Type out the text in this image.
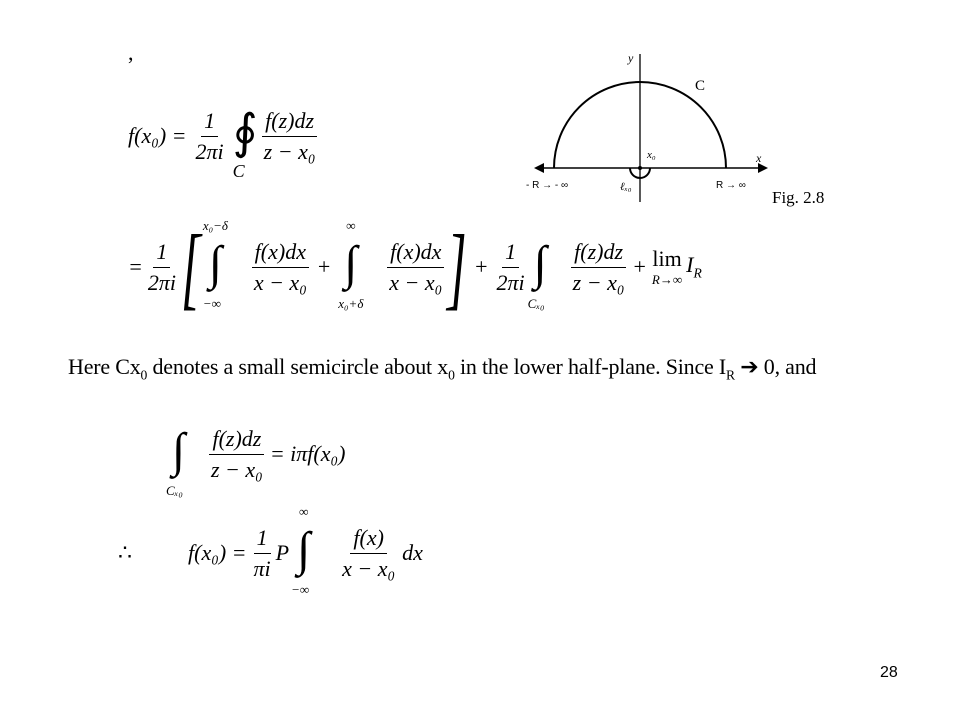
,
$f(x_0) = \frac{1}{2\pi i}$ ∮
C
$\frac{f(z)dz}{\text{z − x₀}}$
y
x
C
- R → - ∞	R → ∞
x₀
ℓₓ₀
Fig. 2.8
= $\frac{1}{2\pi i}$ [ ∫
x₀−δ
−∞
$\frac{f(x)dx}{\text{x − x₀}}$ + ∫
∞
x₀+δ
$\frac{f(x)dx}{\text{x − x₀}}$ ] + $\frac{1}{2\pi i}$ ∫
Cₓ₀
$\frac{f(z)dz}{\text{z − x₀}} + \lim$
R→∞
$I_R$
Here $Cx_0$ denotes a small semicircle about $x_0$ in the lower half-plane. Since $I_R$ ➔ 0, and
∫
Cₓ₀
$\frac{f(z)dz}{\text{z − x₀}} = i\pi f(x_0)$
∴	$f(x_0) = \frac{1}{\pi i}$ P ∫
∞
−∞
$\frac{f(x)}{\text{x − x₀}}$ dx
28
